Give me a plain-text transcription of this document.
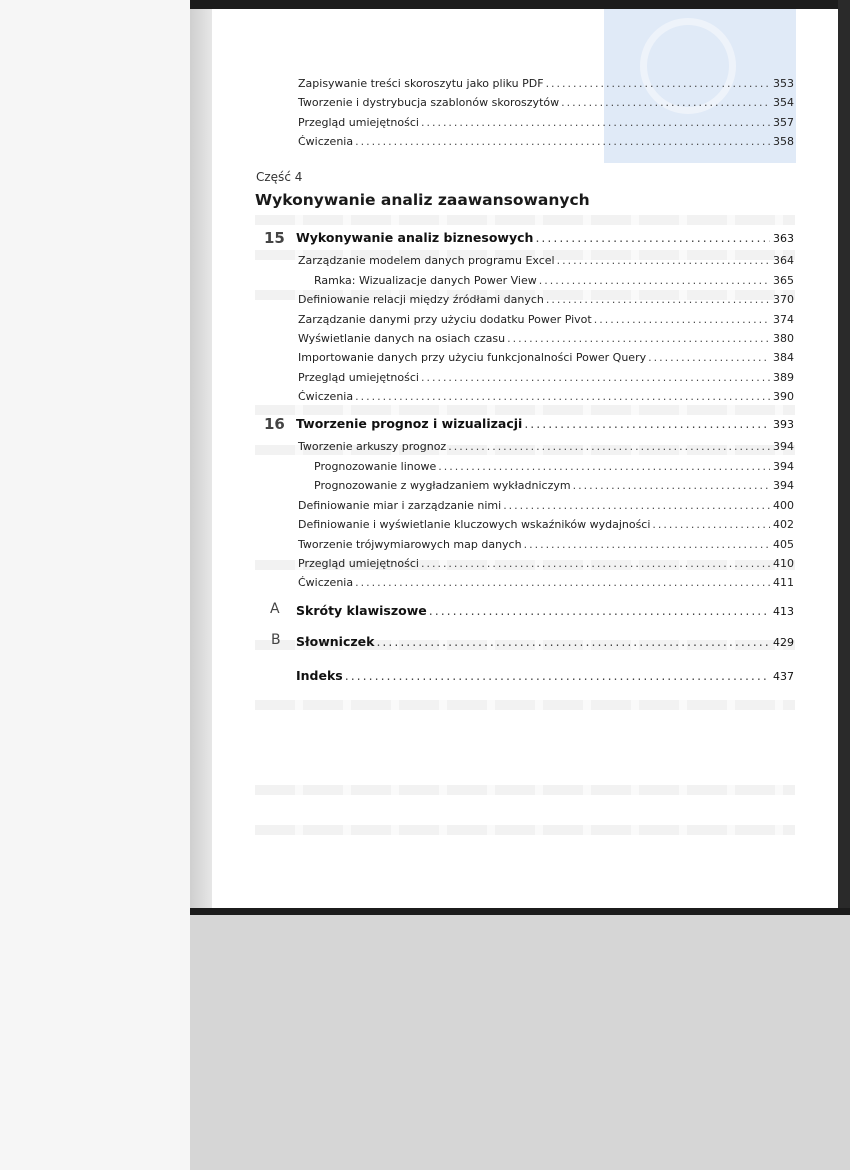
Zapisywanie treści skoroszytu jako pliku PDF .....	353
Tworzenie i dystrybucja szablonów skoroszytów .....	354
Przegląd umiejętności .....	357
Ćwiczenia .....	358
Część 4
Wykonywanie analiz zaawansowanych
15 Wykonywanie analiz biznesowych .....	363
Zarządzanie modelem danych programu Excel .....	364
Ramka: Wizualizacje danych Power View .....	365
Definiowanie relacji między źródłami danych .....	370
Zarządzanie danymi przy użyciu dodatku Power Pivot .....	374
Wyświetlanie danych na osiach czasu .....	380
Importowanie danych przy użyciu funkcjonalności Power Query .....	384
Przegląd umiejętności .....	389
Ćwiczenia .....	390
16 Tworzenie prognoz i wizualizacji .....	393
Tworzenie arkuszy prognoz .....	394
Prognozowanie linowe .....	394
Prognozowanie z wygładzaniem wykładniczym .....	394
Definiowanie miar i zarządzanie nimi .....	400
Definiowanie i wyświetlanie kluczowych wskaźników wydajności .....	402
Tworzenie trójwymiarowych map danych .....	405
Przegląd umiejętności .....	410
Ćwiczenia .....	411
A Skróty klawiszowe .....	413
B Słowniczek .....	429
Indeks .....	437
